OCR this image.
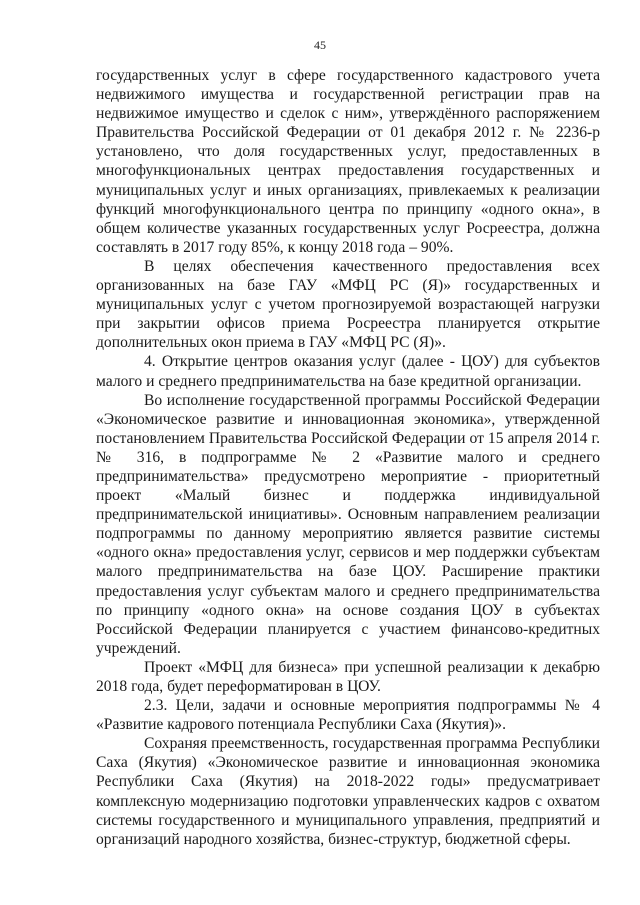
45

государственных услуг в сфере государственного кадастрового учета недвижимого имущества и государственной регистрации прав на недвижимое имущество и сделок с ним», утверждённого распоряжением Правительства Российской Федерации от 01 декабря 2012 г. № 2236-р установлено, что доля государственных услуг, предоставленных в многофункциональных центрах предоставления государственных и муниципальных услуг и иных организациях, привлекаемых к реализации функций многофункционального центра по принципу «одного окна», в общем количестве указанных государственных услуг Росреестра, должна составлять в 2017 году 85%, к концу 2018 года – 90%.

В целях обеспечения качественного предоставления всех организованных на базе ГАУ «МФЦ РС (Я)» государственных и муниципальных услуг с учетом прогнозируемой возрастающей нагрузки при закрытии офисов приема Росреестра планируется открытие дополнительных окон приема в ГАУ «МФЦ РС (Я)».

4. Открытие центров оказания услуг (далее - ЦОУ) для субъектов малого и среднего предпринимательства на базе кредитной организации.

Во исполнение государственной программы Российской Федерации «Экономическое развитие и инновационная экономика», утвержденной постановлением Правительства Российской Федерации от 15 апреля 2014 г. № 316, в подпрограмме № 2 «Развитие малого и среднего предпринимательства» предусмотрено мероприятие - приоритетный проект «Малый бизнес и поддержка индивидуальной предпринимательской инициативы». Основным направлением реализации подпрограммы по данному мероприятию является развитие системы «одного окна» предоставления услуг, сервисов и мер поддержки субъектам малого предпринимательства на базе ЦОУ. Расширение практики предоставления услуг субъектам малого и среднего предпринимательства по принципу «одного окна» на основе создания ЦОУ в субъектах Российской Федерации планируется с участием финансово-кредитных учреждений.

Проект «МФЦ для бизнеса» при успешной реализации к декабрю 2018 года, будет переформатирован в ЦОУ.

2.3. Цели, задачи и основные мероприятия подпрограммы № 4 «Развитие кадрового потенциала Республики Саха (Якутия)».

Сохраняя преемственность, государственная программа Республики Саха (Якутия) «Экономическое развитие и инновационная экономика Республики Саха (Якутия) на 2018-2022 годы» предусматривает комплексную модернизацию подготовки управленческих кадров с охватом системы государственного и муниципального управления, предприятий и организаций народного хозяйства, бизнес-структур, бюджетной сферы.
